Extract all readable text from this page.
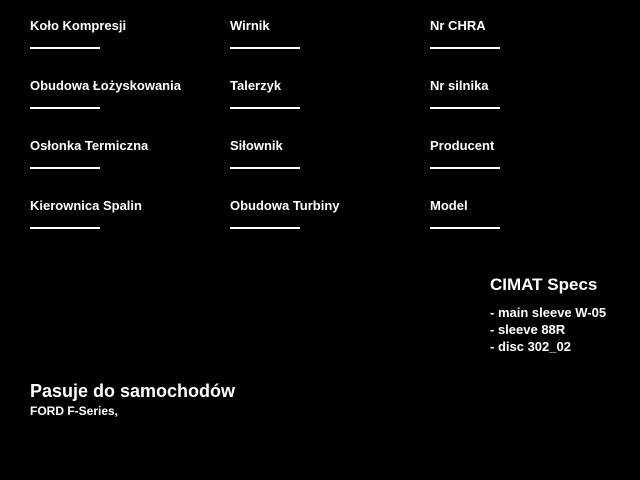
Koło Kompresji	Wirnik	Nr CHRA
Obudowa Łożyskowania	Talerzyk	Nr silnika
Osłonka Termiczna	Siłownik	Producent
Kierownica Spalin	Obudowa Turbiny	Model
CIMAT Specs
- main sleeve W-05
- sleeve 88R
- disc 302_02
Pasuje do samochodów

FORD F-Series,
